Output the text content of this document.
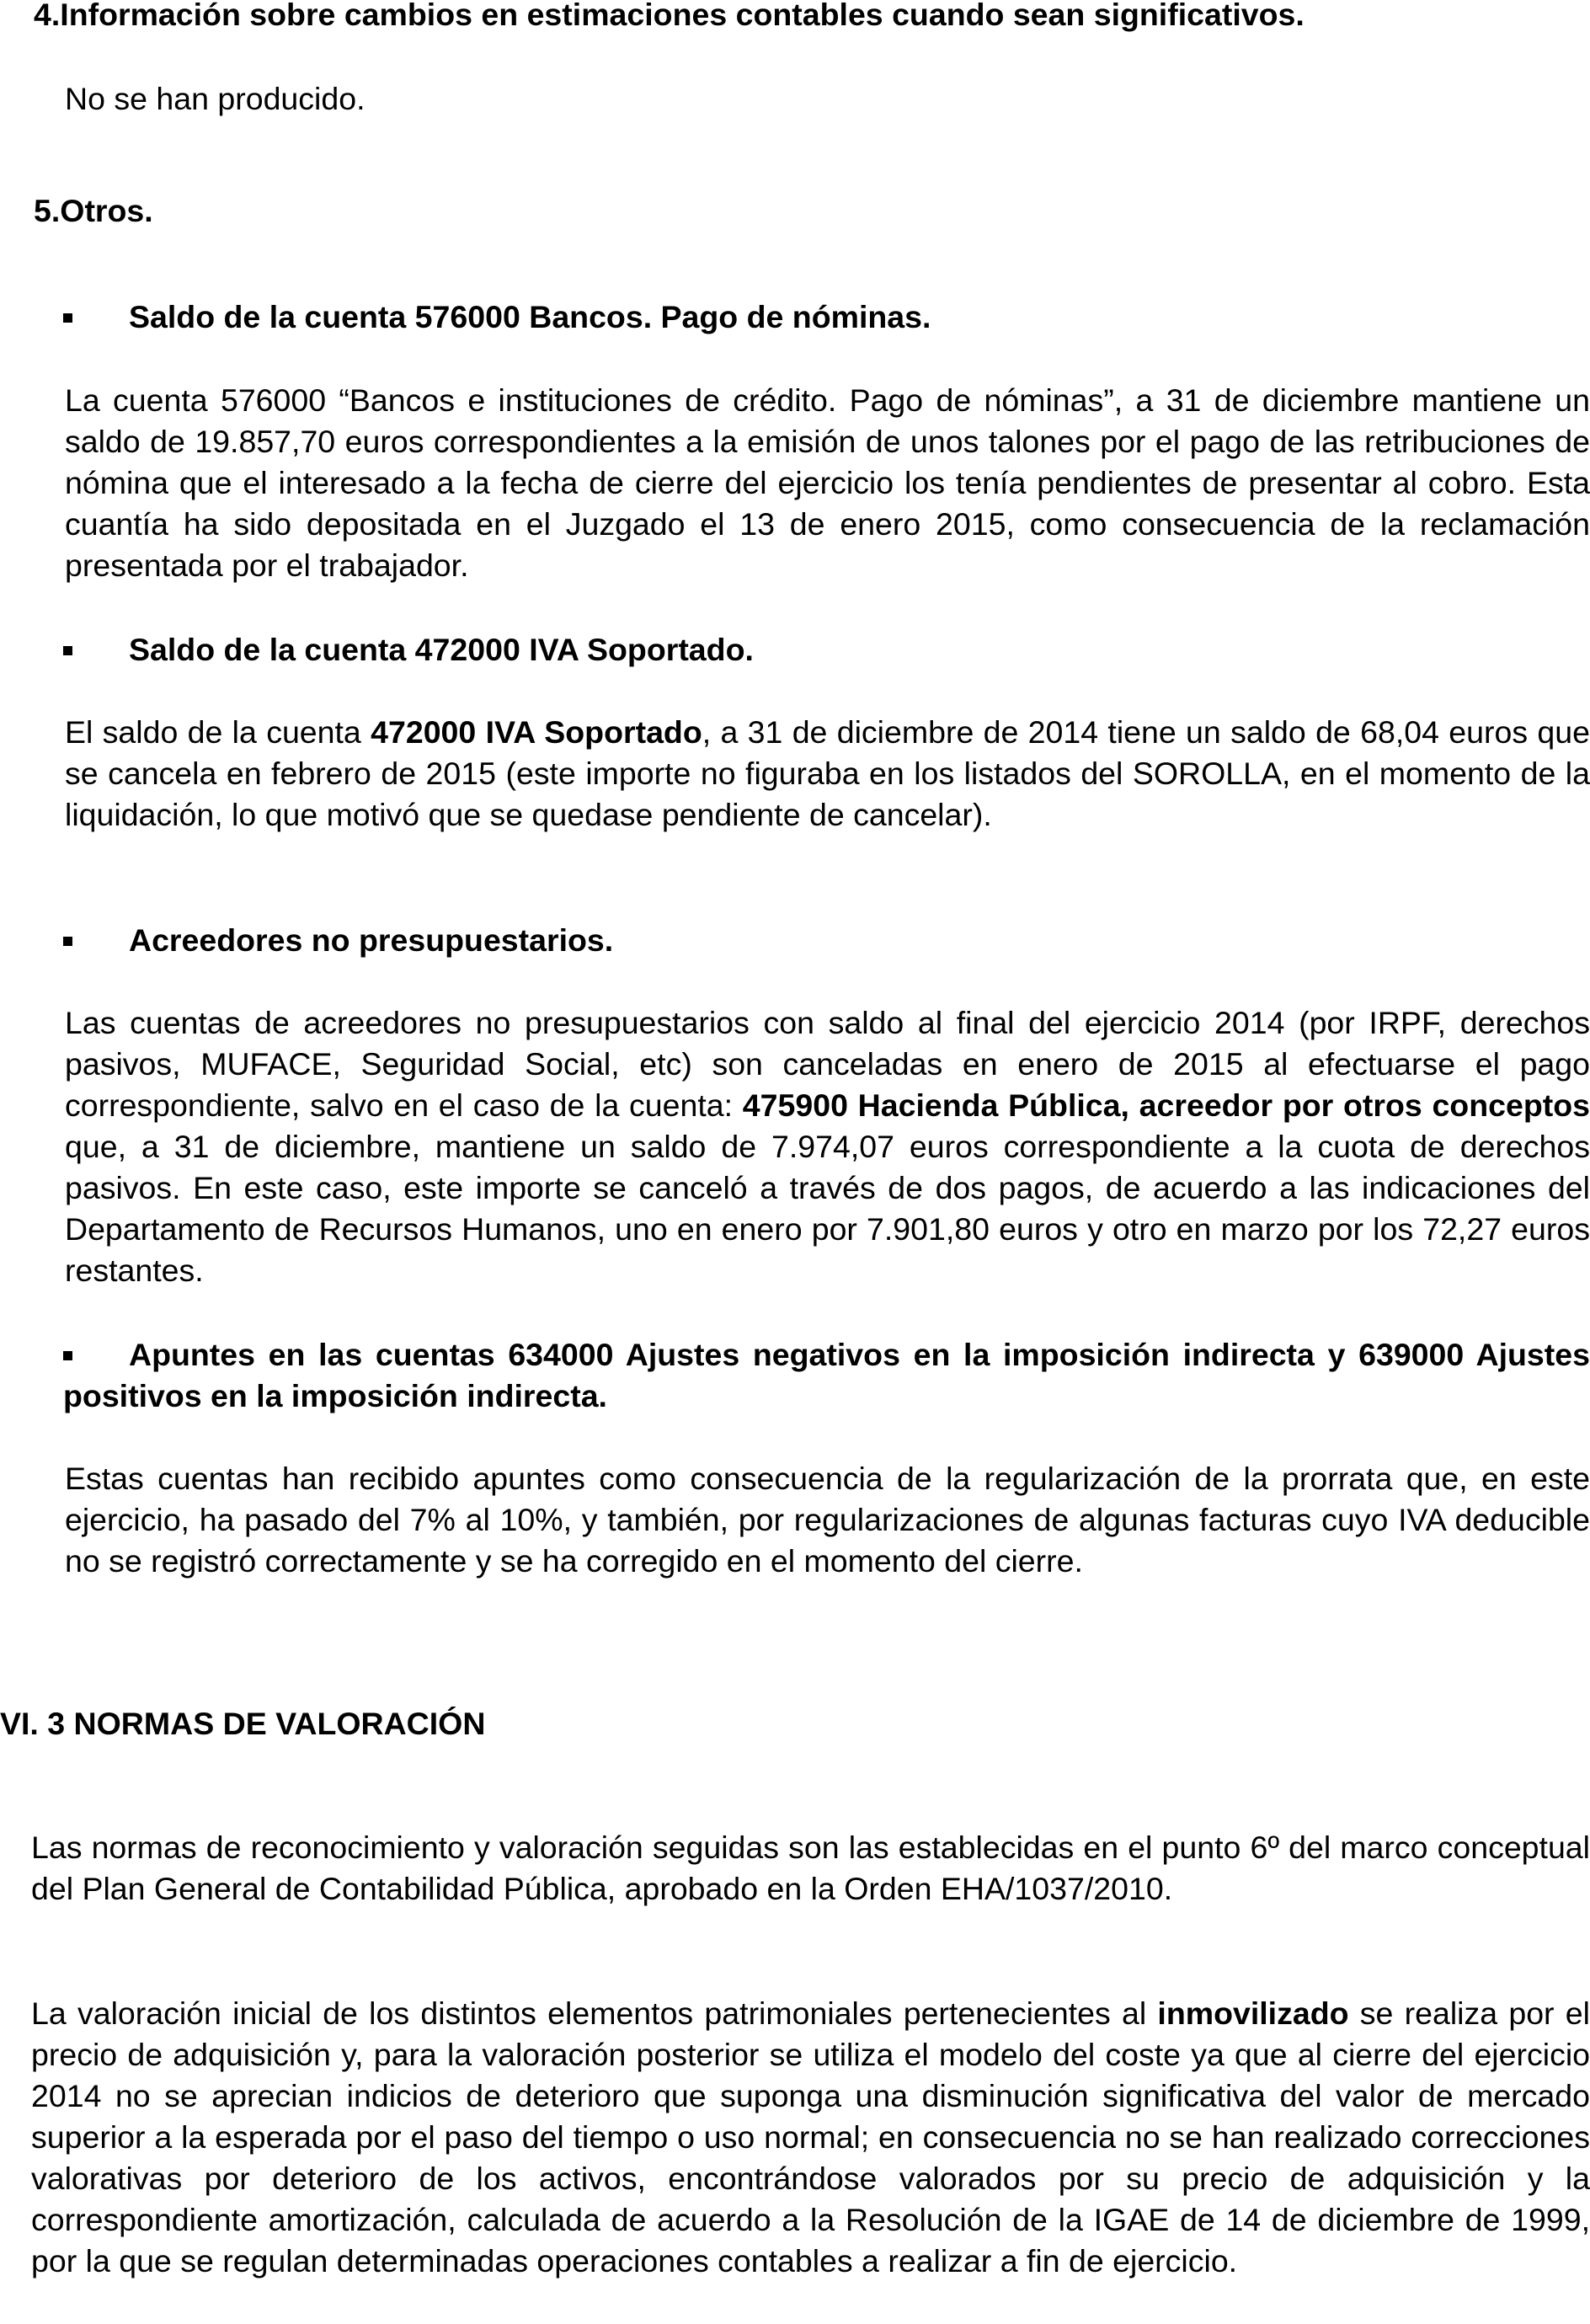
4.Información sobre cambios en estimaciones contables cuando sean significativos.
No se han producido.
5.Otros.
Saldo de la cuenta 576000 Bancos. Pago de nóminas.

La cuenta 576000 “Bancos e instituciones de crédito. Pago de nóminas”, a 31 de diciembre mantiene un saldo de 19.857,70 euros correspondientes a la emisión de unos talones por el pago de las retribuciones de nómina que el interesado a la fecha de cierre del ejercicio los tenía pendientes de presentar al cobro. Esta cuantía ha sido depositada en el Juzgado el 13 de enero 2015, como consecuencia de la reclamación presentada por el trabajador.

Saldo de la cuenta 472000 IVA Soportado.

El saldo de la cuenta 472000 IVA Soportado, a 31 de diciembre de 2014 tiene un saldo de 68,04 euros que se cancela en febrero de 2015 (este importe no figuraba en los listados del SOROLLA, en el momento de la liquidación, lo que motivó que se quedase pendiente de cancelar).

Acreedores no presupuestarios.

Las cuentas de acreedores no presupuestarios con saldo al final del ejercicio 2014 (por IRPF, derechos pasivos, MUFACE, Seguridad Social, etc) son canceladas en enero de 2015 al efectuarse el pago correspondiente, salvo en el caso de la cuenta: 475900 Hacienda Pública, acreedor por otros conceptos que, a 31 de diciembre, mantiene un saldo de 7.974,07 euros correspondiente a la cuota de derechos pasivos. En este caso, este importe se canceló a través de dos pagos, de acuerdo a las indicaciones del Departamento de Recursos Humanos, uno en enero por 7.901,80 euros y otro en marzo por los 72,27 euros restantes.

Apuntes en las cuentas 634000 Ajustes negativos en la imposición indirecta y 639000 Ajustes positivos en la imposición indirecta.

Estas cuentas han recibido apuntes como consecuencia de la regularización de la prorrata que, en este ejercicio, ha pasado del 7% al 10%, y también, por regularizaciones de algunas facturas cuyo IVA deducible no se registró correctamente y se ha corregido en el momento del cierre.

VI. 3 NORMAS DE VALORACIÓN

Las normas de reconocimiento y valoración seguidas son las establecidas en el punto 6º del marco conceptual del Plan General de Contabilidad Pública, aprobado en la Orden EHA/1037/2010.

La valoración inicial de los distintos elementos patrimoniales pertenecientes al inmovilizado se realiza por el precio de adquisición y, para la valoración posterior se utiliza el modelo del coste ya que al cierre del ejercicio 2014 no se aprecian indicios de deterioro que suponga una disminución significativa del valor de mercado superior a la esperada por el paso del tiempo o uso normal; en consecuencia no se han realizado correcciones valorativas por deterioro de los activos, encontrándose valorados por su precio de adquisición y la correspondiente amortización, calculada de acuerdo a la Resolución de la IGAE de 14 de diciembre de 1999, por la que se regulan determinadas operaciones contables a realizar a fin de ejercicio.
